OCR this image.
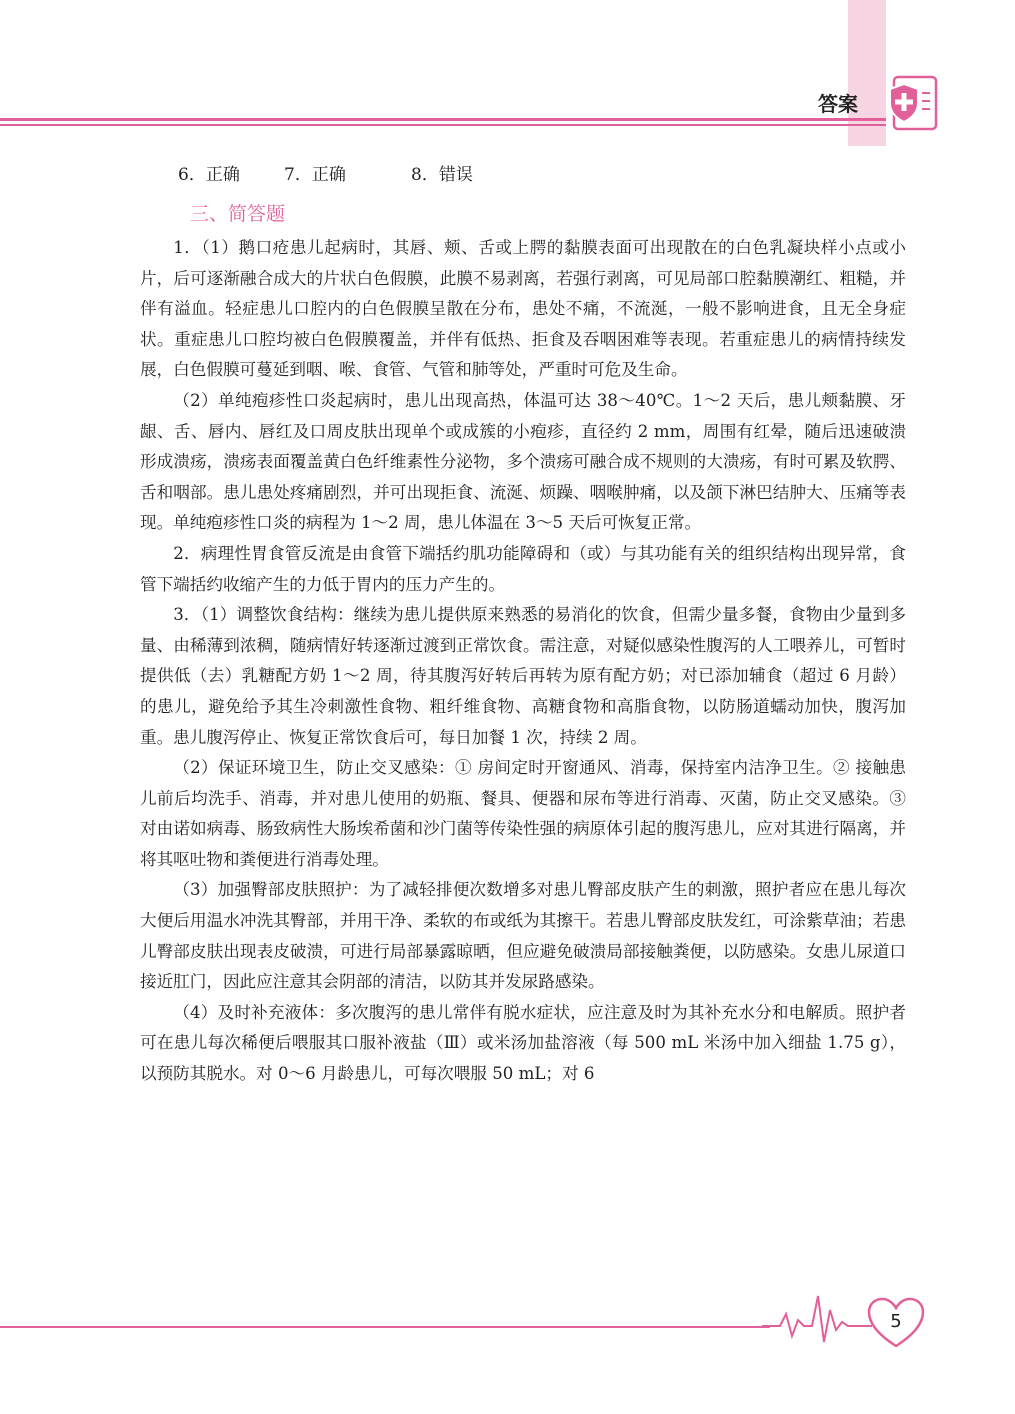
答案
6．正确	7．正确	8．错误
三、简答题

1．（1）鹅口疮患儿起病时，其唇、颊、舌或上腭的黏膜表面可出现散在的白色乳凝块样小点或小片，后可逐渐融合成大的片状白色假膜，此膜不易剥离，若强行剥离，可见局部口腔黏膜潮红、粗糙，并伴有溢血。轻症患儿口腔内的白色假膜呈散在分布，患处不痛，不流涎，一般不影响进食，且无全身症状。重症患儿口腔均被白色假膜覆盖，并伴有低热、拒食及吞咽困难等表现。若重症患儿的病情持续发展，白色假膜可蔓延到咽、喉、食管、气管和肺等处，严重时可危及生命。

（2）单纯疱疹性口炎起病时，患儿出现高热，体温可达 38～40℃。1～2 天后，患儿颊黏膜、牙龈、舌、唇内、唇红及口周皮肤出现单个或成簇的小疱疹，直径约 2 mm，周围有红晕，随后迅速破溃形成溃疡，溃疡表面覆盖黄白色纤维素性分泌物，多个溃疡可融合成不规则的大溃疡，有时可累及软腭、舌和咽部。患儿患处疼痛剧烈，并可出现拒食、流涎、烦躁、咽喉肿痛，以及颌下淋巴结肿大、压痛等表现。单纯疱疹性口炎的病程为 1～2 周，患儿体温在 3～5 天后可恢复正常。

2．病理性胃食管反流是由食管下端括约肌功能障碍和（或）与其功能有关的组织结构出现异常，食管下端括约收缩产生的力低于胃内的压力产生的。

3．（1）调整饮食结构：继续为患儿提供原来熟悉的易消化的饮食，但需少量多餐，食物由少量到多量、由稀薄到浓稠，随病情好转逐渐过渡到正常饮食。需注意，对疑似感染性腹泻的人工喂养儿，可暂时提供低（去）乳糖配方奶 1～2 周，待其腹泻好转后再转为原有配方奶；对已添加辅食（超过 6 月龄）的患儿，避免给予其生冷刺激性食物、粗纤维食物、高糖食物和高脂食物，以防肠道蠕动加快，腹泻加重。患儿腹泻停止、恢复正常饮食后可，每日加餐 1 次，持续 2 周。

（2）保证环境卫生，防止交叉感染：① 房间定时开窗通风、消毒，保持室内洁净卫生。② 接触患儿前后均洗手、消毒，并对患儿使用的奶瓶、餐具、便器和尿布等进行消毒、灭菌，防止交叉感染。③ 对由诺如病毒、肠致病性大肠埃希菌和沙门菌等传染性强的病原体引起的腹泻患儿，应对其进行隔离，并将其呕吐物和粪便进行消毒处理。

（3）加强臀部皮肤照护：为了减轻排便次数增多对患儿臀部皮肤产生的刺激，照护者应在患儿每次大便后用温水冲洗其臀部，并用干净、柔软的布或纸为其擦干。若患儿臀部皮肤发红，可涂紫草油；若患儿臀部皮肤出现表皮破溃，可进行局部暴露晾晒，但应避免破溃局部接触粪便，以防感染。女患儿尿道口接近肛门，因此应注意其会阴部的清洁，以防其并发尿路感染。

（4）及时补充液体：多次腹泻的患儿常伴有脱水症状，应注意及时为其补充水分和电解质。照护者可在患儿每次稀便后喂服其口服补液盐（Ⅲ）或米汤加盐溶液（每 500 mL 米汤中加入细盐 1.75 g），以预防其脱水。对 0～6 月龄患儿，可每次喂服 50 mL；对 6

5
